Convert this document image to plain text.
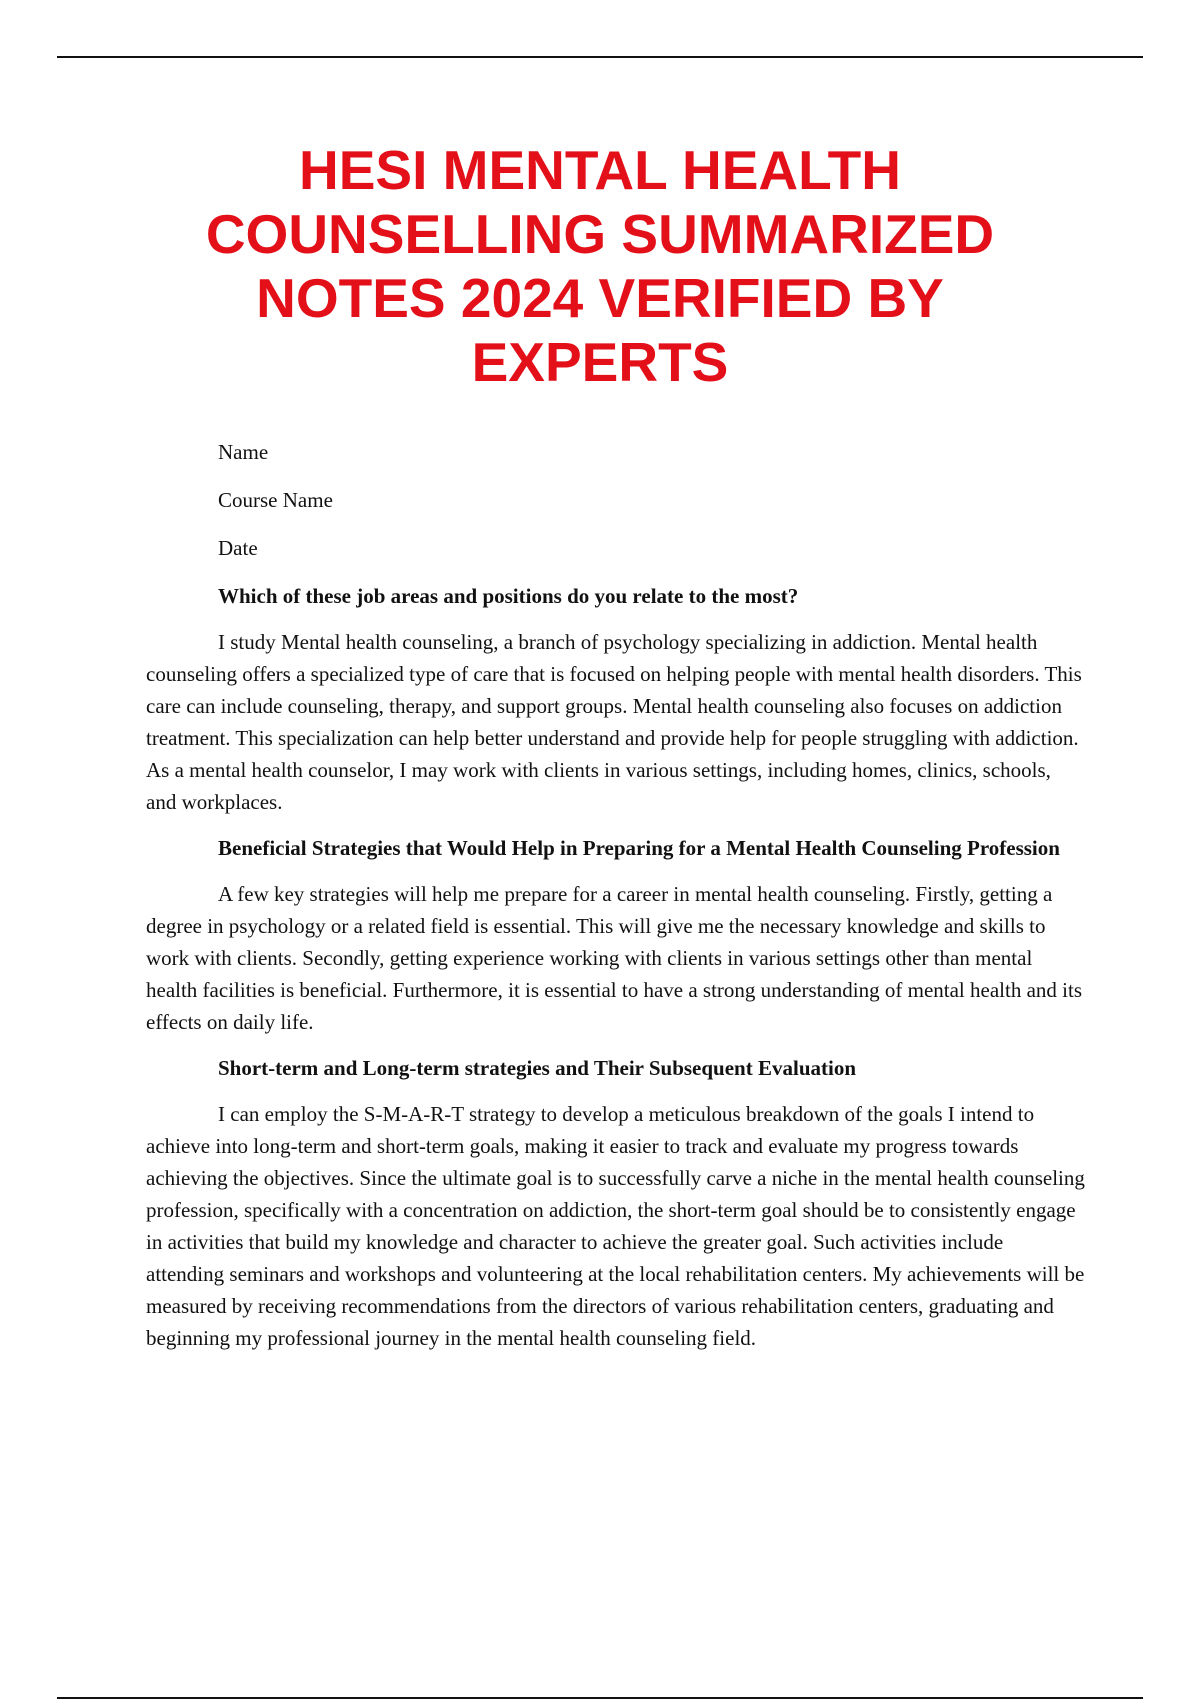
HESI MENTAL HEALTH COUNSELLING SUMMARIZED NOTES 2024 VERIFIED BY EXPERTS

Name

Course Name

Date

Which of these job areas and positions do you relate to the most?

I study Mental health counseling, a branch of psychology specializing in addiction. Mental health counseling offers a specialized type of care that is focused on helping people with mental health disorders. This care can include counseling, therapy, and support groups. Mental health counseling also focuses on addiction treatment. This specialization can help better understand and provide help for people struggling with addiction. As a mental health counselor, I may work with clients in various settings, including homes, clinics, schools, and workplaces.

Beneficial Strategies that Would Help in Preparing for a Mental Health Counseling Profession

A few key strategies will help me prepare for a career in mental health counseling. Firstly, getting a degree in psychology or a related field is essential. This will give me the necessary knowledge and skills to work with clients. Secondly, getting experience working with clients in various settings other than mental health facilities is beneficial. Furthermore, it is essential to have a strong understanding of mental health and its effects on daily life.

Short-term and Long-term strategies and Their Subsequent Evaluation

I can employ the S-M-A-R-T strategy to develop a meticulous breakdown of the goals I intend to achieve into long-term and short-term goals, making it easier to track and evaluate my progress towards achieving the objectives. Since the ultimate goal is to successfully carve a niche in the mental health counseling profession, specifically with a concentration on addiction, the short-term goal should be to consistently engage in activities that build my knowledge and character to achieve the greater goal. Such activities include attending seminars and workshops and volunteering at the local rehabilitation centers. My achievements will be measured by receiving recommendations from the directors of various rehabilitation centers, graduating and beginning my professional journey in the mental health counseling field.
